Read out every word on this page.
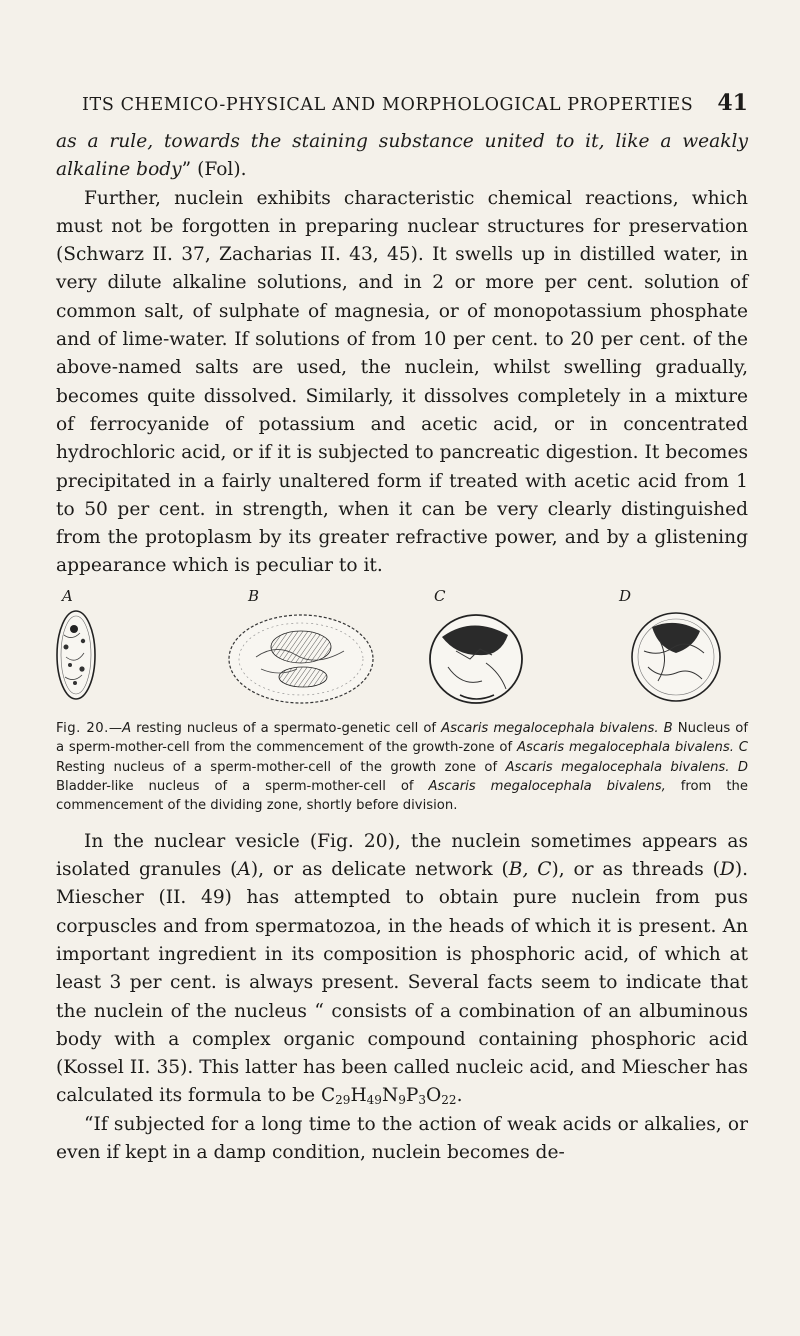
ITS CHEMICO-PHYSICAL AND MORPHOLOGICAL PROPERTIES	41

as a rule, towards the staining substance united to it, like a weakly alkaline body” (Fol).

Further, nuclein exhibits characteristic chemical reactions, which must not be forgotten in preparing nuclear structures for preservation (Schwarz II. 37, Zacharias II. 43, 45). It swells up in distilled water, in very dilute alkaline solutions, and in 2 or more per cent. solution of common salt, of sulphate of magnesia, or of monopotassium phosphate and of lime-water. If solutions of from 10 per cent. to 20 per cent. of the above-named salts are used, the nuclein, whilst swelling gradually, becomes quite dissolved. Similarly, it dissolves completely in a mixture of ferrocyanide of potassium and acetic acid, or in concentrated hydrochloric acid, or if it is subjected to pancreatic digestion. It becomes precipitated in a fairly unaltered form if treated with acetic acid from 1 to 50 per cent. in strength, when it can be very clearly distinguished from the protoplasm by its greater refractive power, and by a glistening appearance which is peculiar to it.

A	B	C	D

Fig. 20.—A resting nucleus of a spermato-genetic cell of Ascaris megalocephala bivalens. B Nucleus of a sperm-mother-cell from the commencement of the growth-zone of Ascaris megalocephala bivalens. C Resting nucleus of a sperm-mother-cell of the growth zone of Ascaris megalocephala bivalens. D Bladder-like nucleus of a sperm-mother-cell of Ascaris megalocephala bivalens, from the commencement of the dividing zone, shortly before division.

In the nuclear vesicle (Fig. 20), the nuclein sometimes appears as isolated granules (A), or as delicate network (B, C), or as threads (D). Miescher (II. 49) has attempted to obtain pure nuclein from pus corpuscles and from spermatozoa, in the heads of which it is present. An important ingredient in its composition is phosphoric acid, of which at least 3 per cent. is always present. Several facts seem to indicate that the nuclein of the nucleus “ consists of a combination of an albuminous body with a complex organic compound containing phosphoric acid (Kossel II. 35). This latter has been called nucleic acid, and Miescher has calculated its formula to be $C_{29}H_{49}N_9P_3O_{22}$.

“If subjected for a long time to the action of weak acids or alkalies, or even if kept in a damp condition, nuclein becomes de-
